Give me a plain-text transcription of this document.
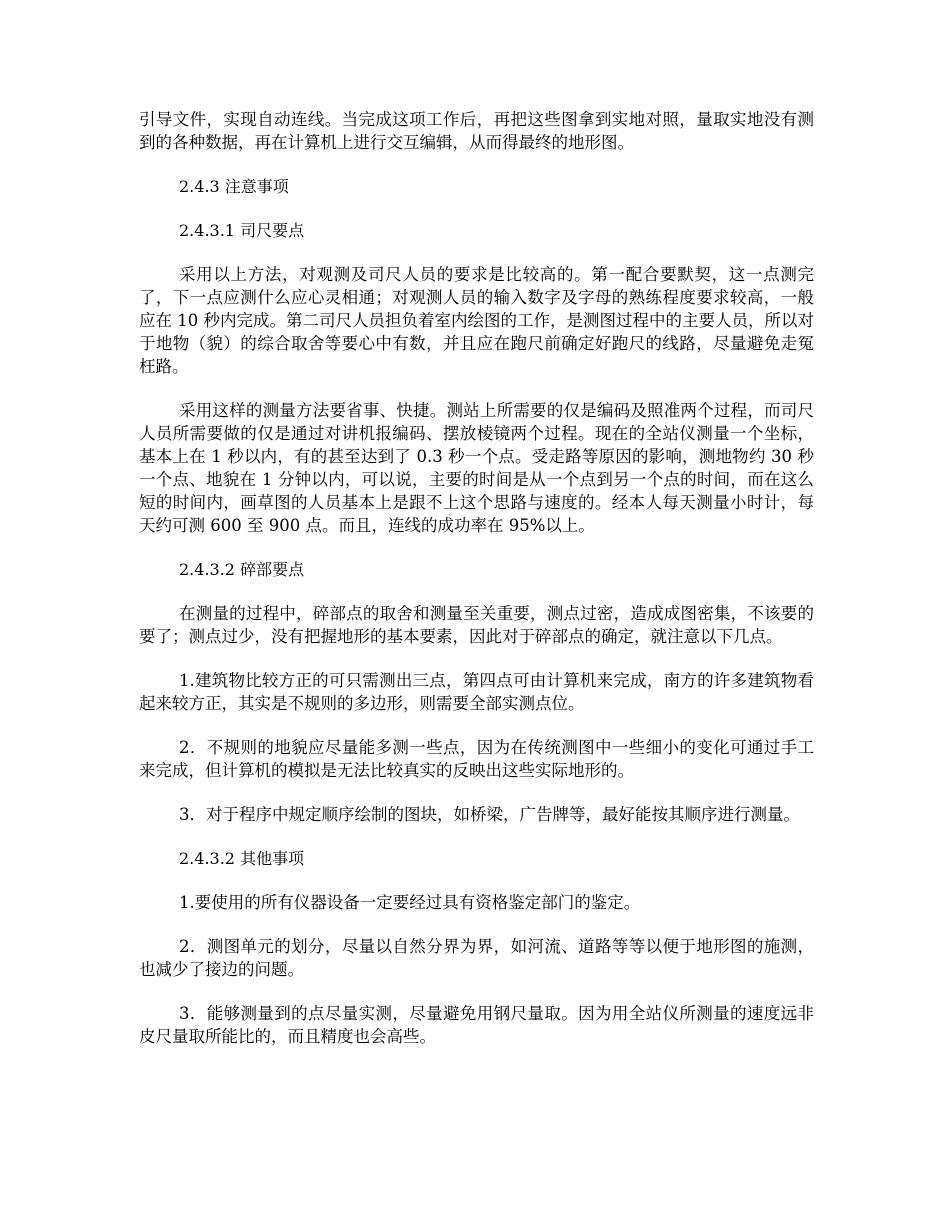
引导文件，实现自动连线。当完成这项工作后，再把这些图拿到实地对照，量取实地没有测到的各种数据，再在计算机上进行交互编辑，从而得最终的地形图。

2.4.3 注意事项
2.4.3.1 司尺要点

采用以上方法，对观测及司尺人员的要求是比较高的。第一配合要默契，这一点测完了，下一点应测什么应心灵相通；对观测人员的输入数字及字母的熟练程度要求较高，一般应在 10 秒内完成。第二司尺人员担负着室内绘图的工作，是测图过程中的主要人员，所以对于地物（貌）的综合取舍等要心中有数，并且应在跑尺前确定好跑尺的线路，尽量避免走冤枉路。

采用这样的测量方法要省事、快捷。测站上所需要的仅是编码及照准两个过程，而司尺人员所需要做的仅是通过对讲机报编码、摆放棱镜两个过程。现在的全站仪测量一个坐标，基本上在 1 秒以内，有的甚至达到了 0.3 秒一个点。受走路等原因的影响，测地物约 30 秒一个点、地貌在 1 分钟以内，可以说，主要的时间是从一个点到另一个点的时间，而在这么短的时间内，画草图的人员基本上是跟不上这个思路与速度的。经本人每天测量小时计，每天约可测 600 至 900 点。而且，连线的成功率在 95%以上。

2.4.3.2 碎部要点

在测量的过程中，碎部点的取舍和测量至关重要，测点过密，造成成图密集，不该要的要了；测点过少，没有把握地形的基本要素，因此对于碎部点的确定，就注意以下几点。

1.建筑物比较方正的可只需测出三点，第四点可由计算机来完成，南方的许多建筑物看起来较方正，其实是不规则的多边形，则需要全部实测点位。

2．不规则的地貌应尽量能多测一些点，因为在传统测图中一些细小的变化可通过手工来完成，但计算机的模拟是无法比较真实的反映出这些实际地形的。

3．对于程序中规定顺序绘制的图块，如桥梁，广告牌等，最好能按其顺序进行测量。

2.4.3.2 其他事项

1.要使用的所有仪器设备一定要经过具有资格鉴定部门的鉴定。

2．测图单元的划分，尽量以自然分界为界，如河流、道路等等以便于地形图的施测，也减少了接边的问题。

3．能够测量到的点尽量实测，尽量避免用钢尺量取。因为用全站仪所测量的速度远非皮尺量取所能比的，而且精度也会高些。
